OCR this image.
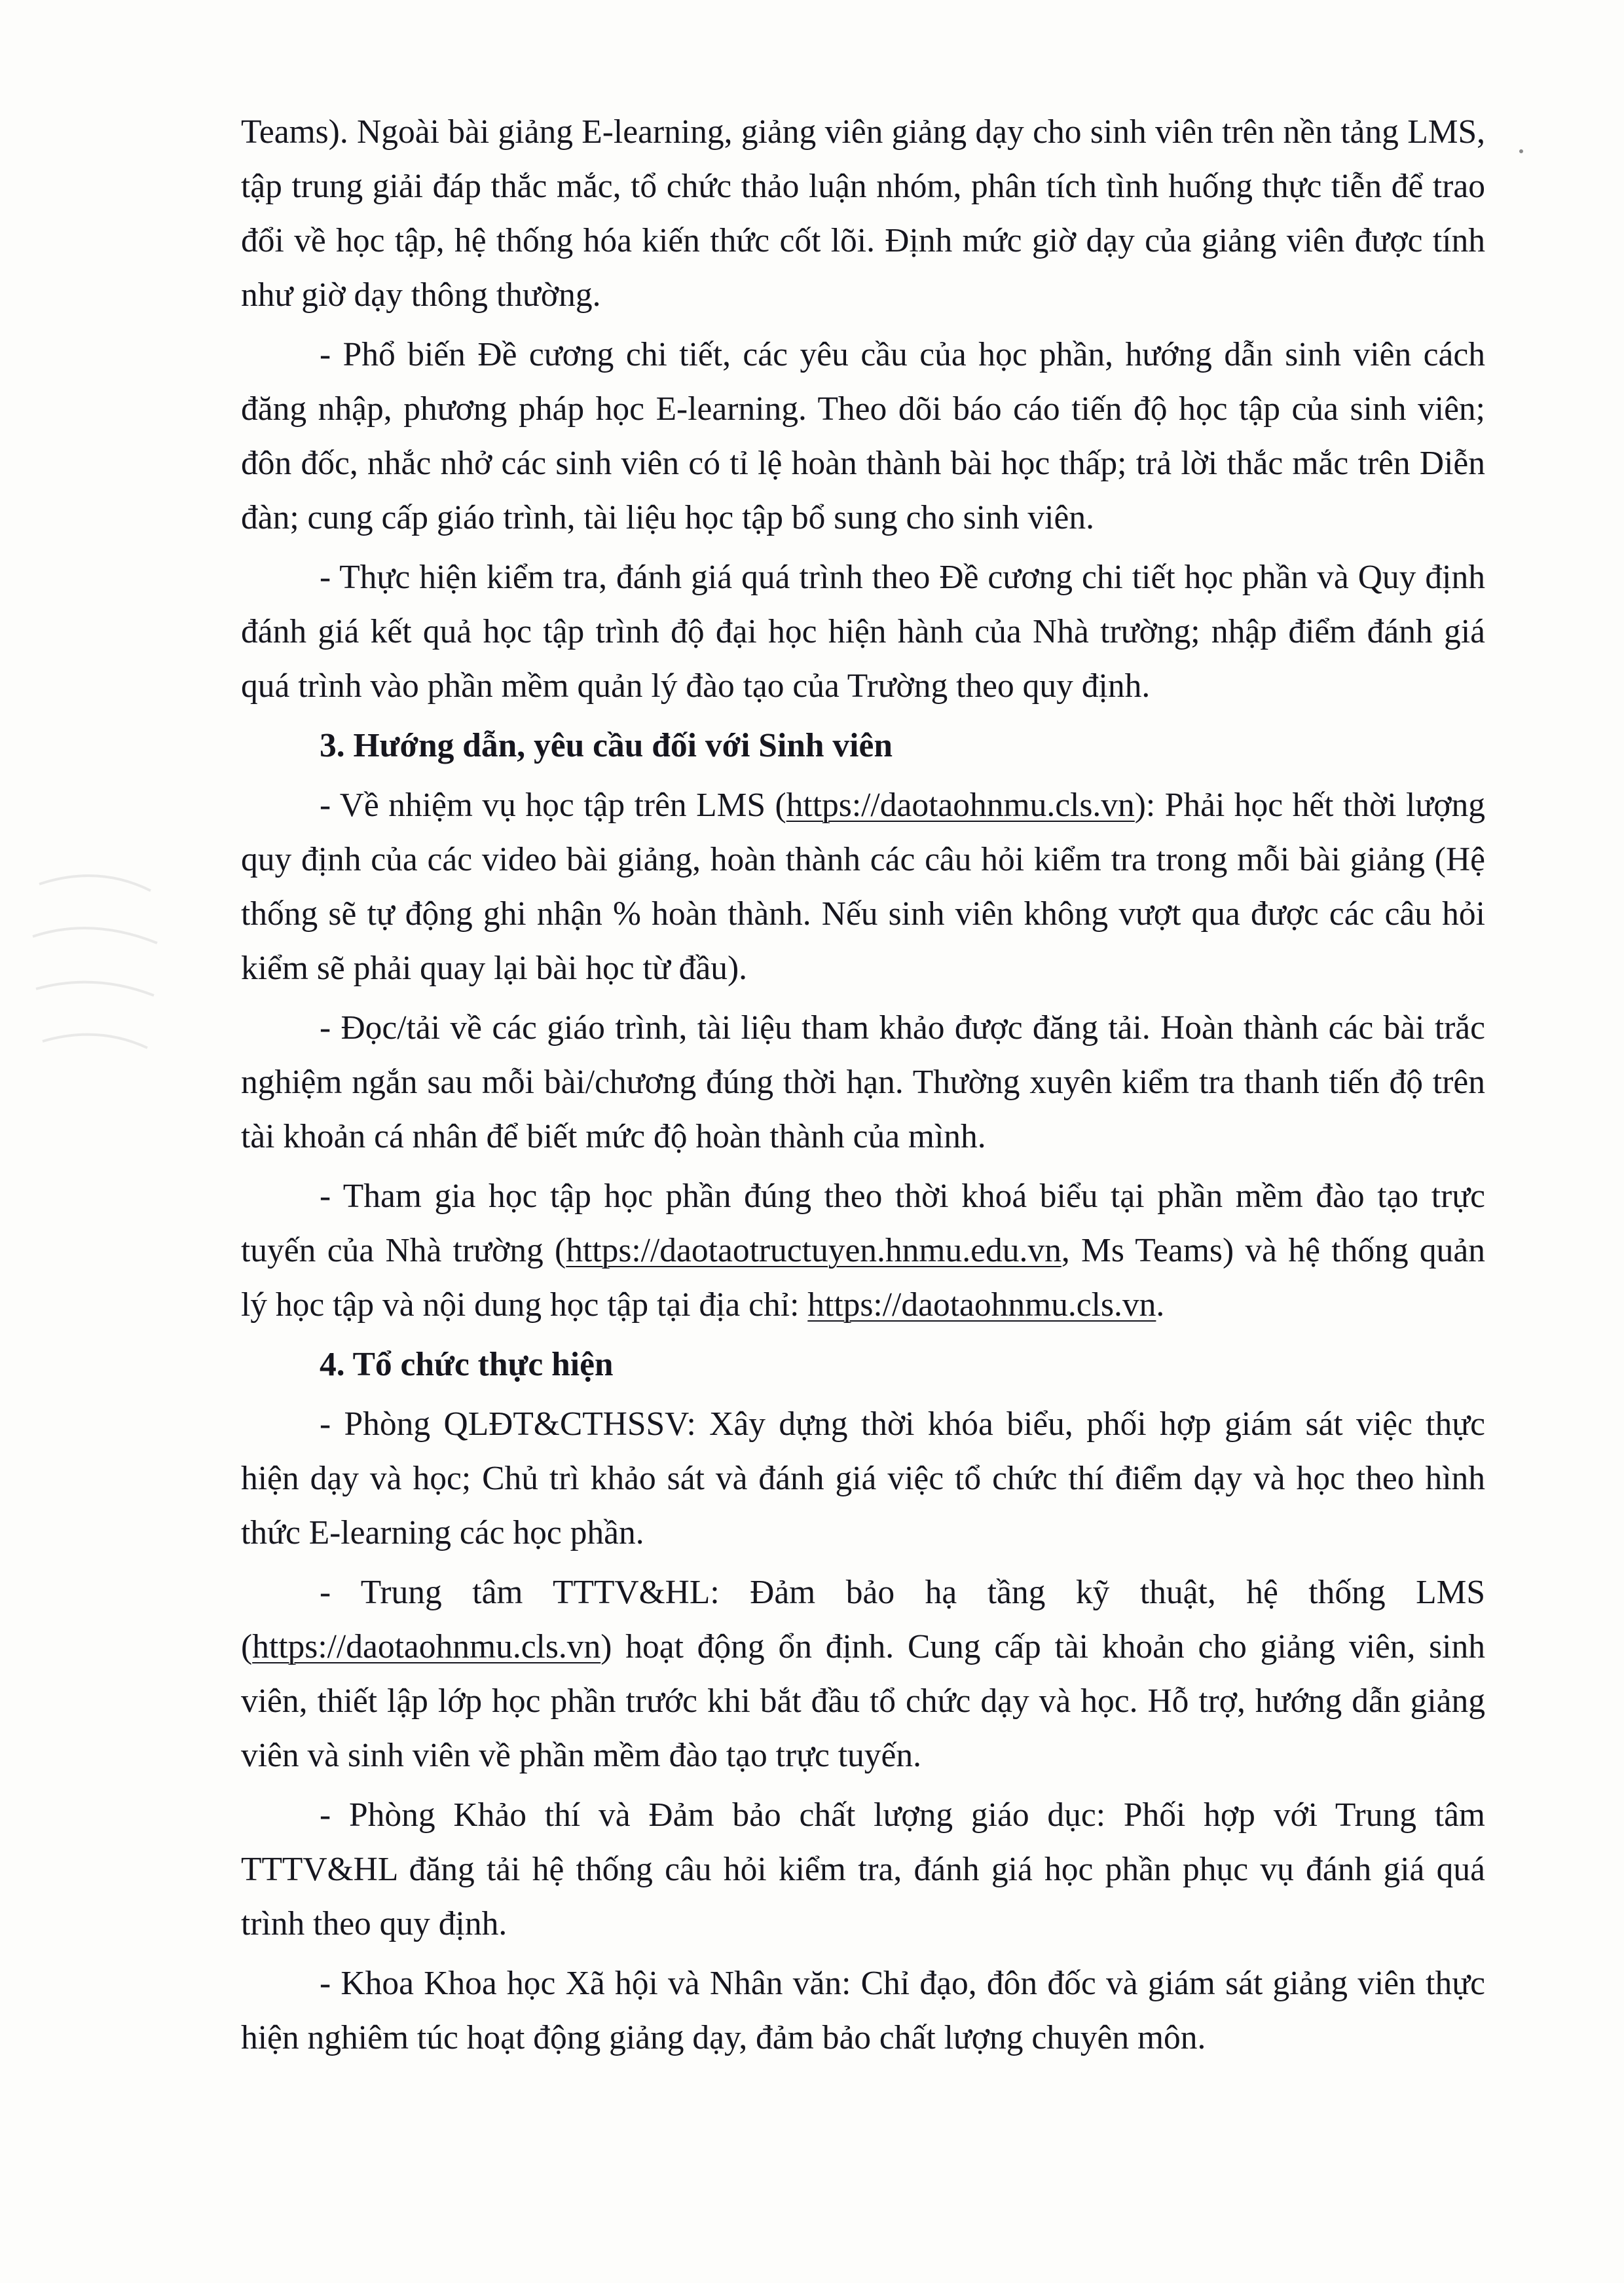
Teams). Ngoài bài giảng E-learning, giảng viên giảng dạy cho sinh viên trên nền tảng LMS, tập trung giải đáp thắc mắc, tổ chức thảo luận nhóm, phân tích tình huống thực tiễn để trao đổi về học tập, hệ thống hóa kiến thức cốt lõi. Định mức giờ dạy của giảng viên được tính như giờ dạy thông thường.

- Phổ biến Đề cương chi tiết, các yêu cầu của học phần, hướng dẫn sinh viên cách đăng nhập, phương pháp học E-learning. Theo dõi báo cáo tiến độ học tập của sinh viên; đôn đốc, nhắc nhở các sinh viên có tỉ lệ hoàn thành bài học thấp; trả lời thắc mắc trên Diễn đàn; cung cấp giáo trình, tài liệu học tập bổ sung cho sinh viên.

- Thực hiện kiểm tra, đánh giá quá trình theo Đề cương chi tiết học phần và Quy định đánh giá kết quả học tập trình độ đại học hiện hành của Nhà trường; nhập điểm đánh giá quá trình vào phần mềm quản lý đào tạo của Trường theo quy định.

3. Hướng dẫn, yêu cầu đối với Sinh viên

- Về nhiệm vụ học tập trên LMS (https://daotaohnmu.cls.vn): Phải học hết thời lượng quy định của các video bài giảng, hoàn thành các câu hỏi kiểm tra trong mỗi bài giảng (Hệ thống sẽ tự động ghi nhận % hoàn thành. Nếu sinh viên không vượt qua được các câu hỏi kiểm sẽ phải quay lại bài học từ đầu).

- Đọc/tải về các giáo trình, tài liệu tham khảo được đăng tải. Hoàn thành các bài trắc nghiệm ngắn sau mỗi bài/chương đúng thời hạn. Thường xuyên kiểm tra thanh tiến độ trên tài khoản cá nhân để biết mức độ hoàn thành của mình.

- Tham gia học tập học phần đúng theo thời khoá biểu tại phần mềm đào tạo trực tuyến của Nhà trường (https://daotaotructuyen.hnmu.edu.vn, Ms Teams) và hệ thống quản lý học tập và nội dung học tập tại địa chỉ: https://daotaohnmu.cls.vn.

4. Tổ chức thực hiện

- Phòng QLĐT&CTHSSV: Xây dựng thời khóa biểu, phối hợp giám sát việc thực hiện dạy và học; Chủ trì khảo sát và đánh giá việc tổ chức thí điểm dạy và học theo hình thức E-learning các học phần.

- Trung tâm TTTV&HL: Đảm bảo hạ tầng kỹ thuật, hệ thống LMS (https://daotaohnmu.cls.vn) hoạt động ổn định. Cung cấp tài khoản cho giảng viên, sinh viên, thiết lập lớp học phần trước khi bắt đầu tổ chức dạy và học. Hỗ trợ, hướng dẫn giảng viên và sinh viên về phần mềm đào tạo trực tuyến.

- Phòng Khảo thí và Đảm bảo chất lượng giáo dục: Phối hợp với Trung tâm TTTV&HL đăng tải hệ thống câu hỏi kiểm tra, đánh giá học phần phục vụ đánh giá quá trình theo quy định.

- Khoa Khoa học Xã hội và Nhân văn: Chỉ đạo, đôn đốc và giám sát giảng viên thực hiện nghiêm túc hoạt động giảng dạy, đảm bảo chất lượng chuyên môn.
